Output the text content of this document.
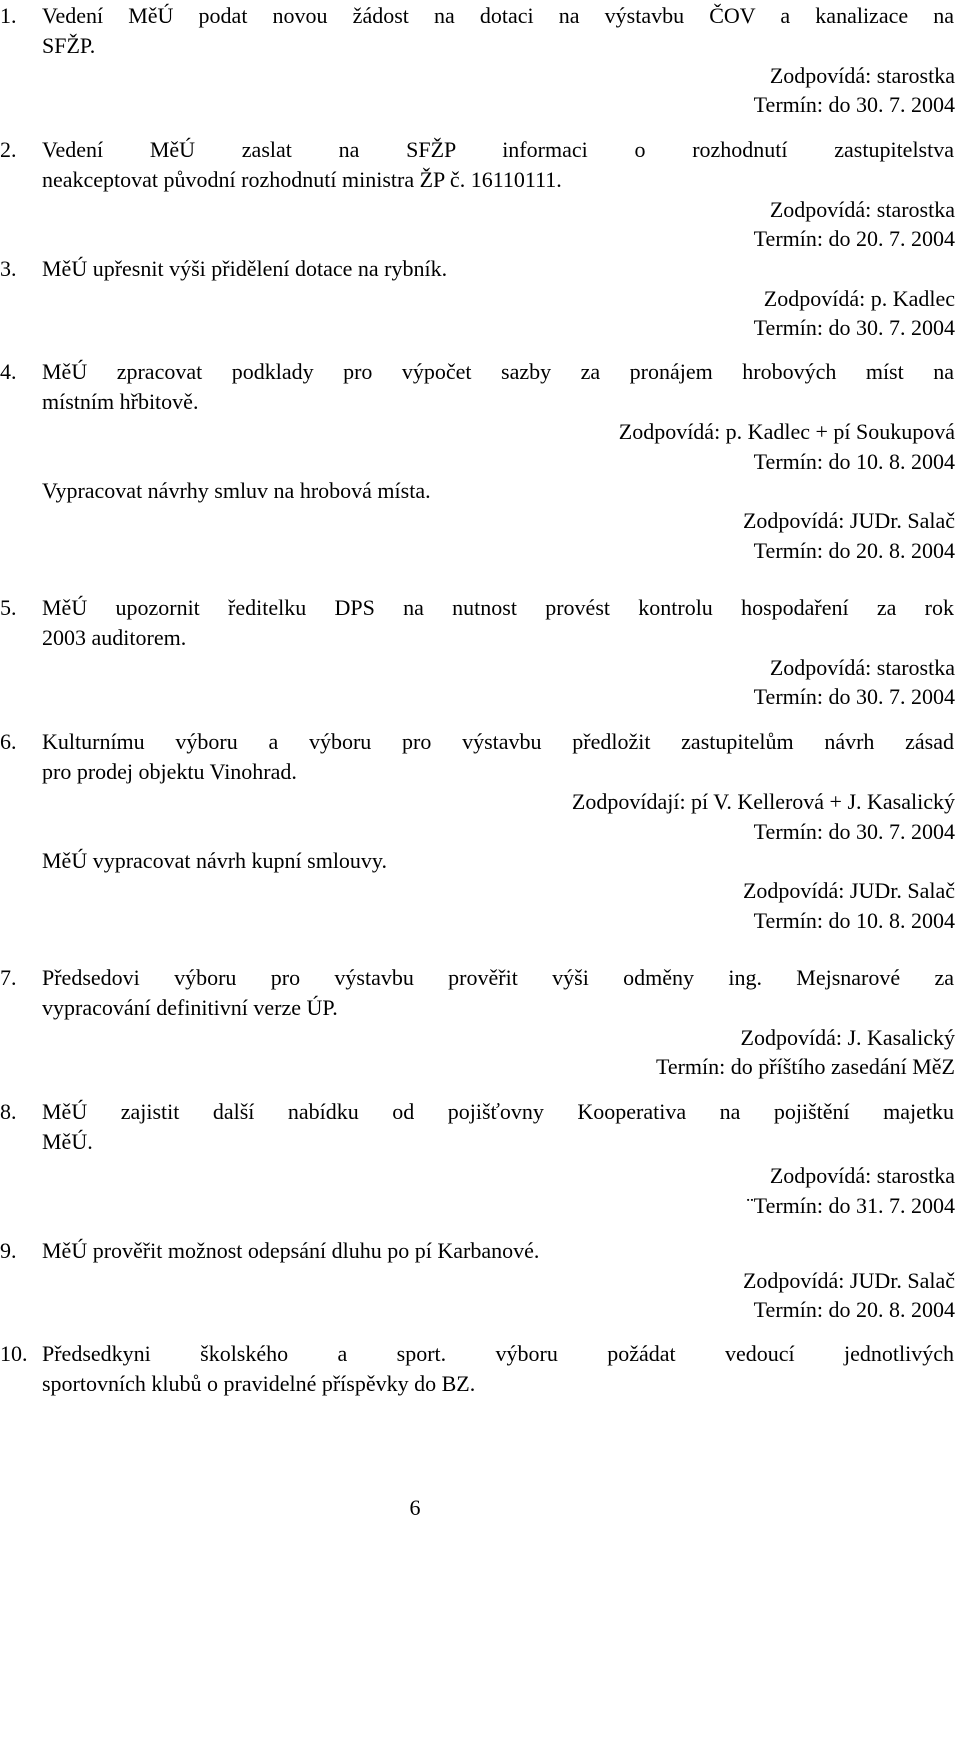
1. Vedení MěÚ podat novou žádost na dotaci na výstavbu ČOV a kanalizace na
SFŽP.
Zodpovídá: starostka
Termín: do 30. 7. 2004
2. Vedení MěÚ zaslat na SFŽP informaci o rozhodnutí zastupitelstva
neakceptovat původní rozhodnutí ministra ŽP č. 16110111.
Zodpovídá: starostka
Termín: do 20. 7. 2004
3. MěÚ upřesnit výši přidělení dotace na rybník.
Zodpovídá: p. Kadlec
Termín: do 30. 7. 2004
4. MěÚ zpracovat podklady pro výpočet sazby za pronájem hrobových míst na
místním hřbitově.
Zodpovídá: p. Kadlec + pí Soukupová
Termín: do 10. 8. 2004
Vypracovat návrhy smluv na hrobová místa.
Zodpovídá: JUDr. Salač
Termín: do 20. 8. 2004
5. MěÚ upozornit ředitelku DPS na nutnost provést kontrolu hospodaření za rok
2003 auditorem.
Zodpovídá: starostka
Termín: do 30. 7. 2004
6. Kulturnímu výboru a výboru pro výstavbu předložit zastupitelům návrh zásad
pro prodej objektu Vinohrad.
Zodpovídají: pí V. Kellerová + J. Kasalický
Termín: do 30. 7. 2004
MěÚ vypracovat návrh kupní smlouvy.
Zodpovídá: JUDr. Salač
Termín: do 10. 8. 2004
7. Předsedovi výboru pro výstavbu prověřit výši odměny ing. Mejsnarové za
vypracování definitivní verze ÚP.
Zodpovídá: J. Kasalický
Termín: do příštího zasedání MěZ
8. MěÚ zajistit další nabídku od pojišťovny Kooperativa na pojištění majetku
MěÚ.
Zodpovídá: starostka
¨Termín: do 31. 7. 2004
9. MěÚ prověřit možnost odepsání dluhu po pí Karbanové.
Zodpovídá: JUDr. Salač
Termín: do 20. 8. 2004
10. Předsedkyni školského a sport. výboru požádat vedoucí jednotlivých
sportovních klubů o pravidelné příspěvky do BZ.
6
